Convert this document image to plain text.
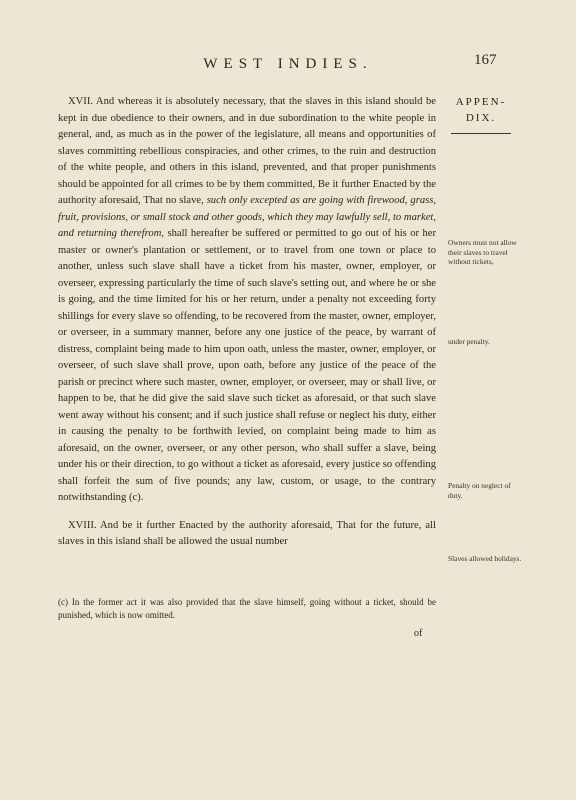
WEST INDIES.	167
APPEN-
DIX.

XVII. And whereas it is absolutely necessary, that the slaves in this island should be kept in due obedience to their owners, and in due subordination to the white people in general, and, as much as in the power of the legislature, all means and opportunities of slaves committing rebellious conspiracies, and other crimes, to the ruin and destruction of the white people, and others in this island, prevented, and that proper punishments should be appointed for all crimes to be by them committed, Be it further Enacted by the authority aforesaid, That no slave, such only excepted as are going with firewood, grass, fruit, provisions, or small stock and other goods, which they may lawfully sell, to market, and returning therefrom, shall hereafter be suffered or permitted to go out of his or her master or owner's plantation or settlement, or to travel from one town or place to another, unless such slave shall have a ticket from his master, owner, employer, or overseer, expressing particularly the time of such slave's setting out, and where he or she is going, and the time limited for his or her return, under a penalty not exceeding forty shillings for every slave so offending, to be recovered from the master, owner, employer, or overseer, in a summary manner, before any one justice of the peace, by warrant of distress, complaint being made to him upon oath, unless the master, owner, employer, or overseer, of such slave shall prove, upon oath, before any justice of the peace of the parish or precinct where such master, owner, employer, or overseer, may or shall live, or happen to be, that he did give the said slave such ticket as aforesaid, or that such slave went away without his consent; and if such justice shall refuse or neglect his duty, either in causing the penalty to be forthwith levied, on complaint being made to him as aforesaid, on the owner, overseer, or any other person, who shall suffer a slave, being under his or their direction, to go without a ticket as aforesaid, every justice so offending shall forfeit the sum of five pounds; any law, custom, or usage, to the contrary notwithstanding (c).

XVIII. And be it further Enacted by the authority aforesaid, That for the future, all slaves in this island shall be allowed the usual number

(c) In the former act it was also provided that the slave himself, going without a ticket, should be punished, which is now omitted.
of
Owners must not allow their slaves to travel without tickets,
under penalty.
Penalty on neglect of duty.
Slaves allowed holidays.
